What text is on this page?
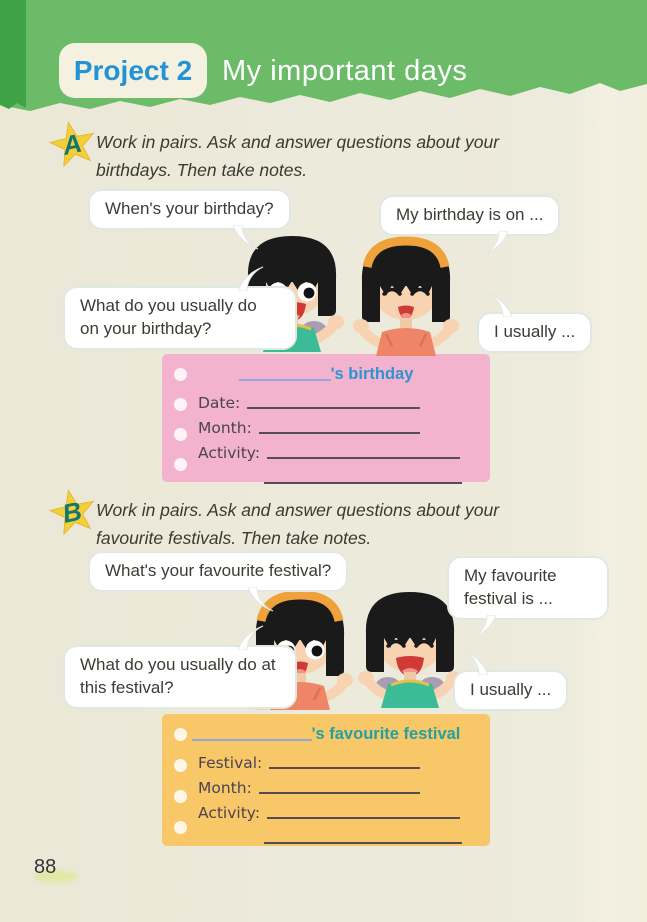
Project 2 My important days
A Work in pairs. Ask and answer questions about your birthdays. Then take notes.
When's your birthday?	My birthday is on ...
What do you usually do on your birthday?	I usually ...
's birthday
Date:
Month:
Activity:
B Work in pairs. Ask and answer questions about your favourite festivals. Then take notes.
What's your favourite festival?	My favourite festival is ...
What do you usually do at this festival?	I usually ...
's favourite festival
Festival:
Month:
Activity:
88
